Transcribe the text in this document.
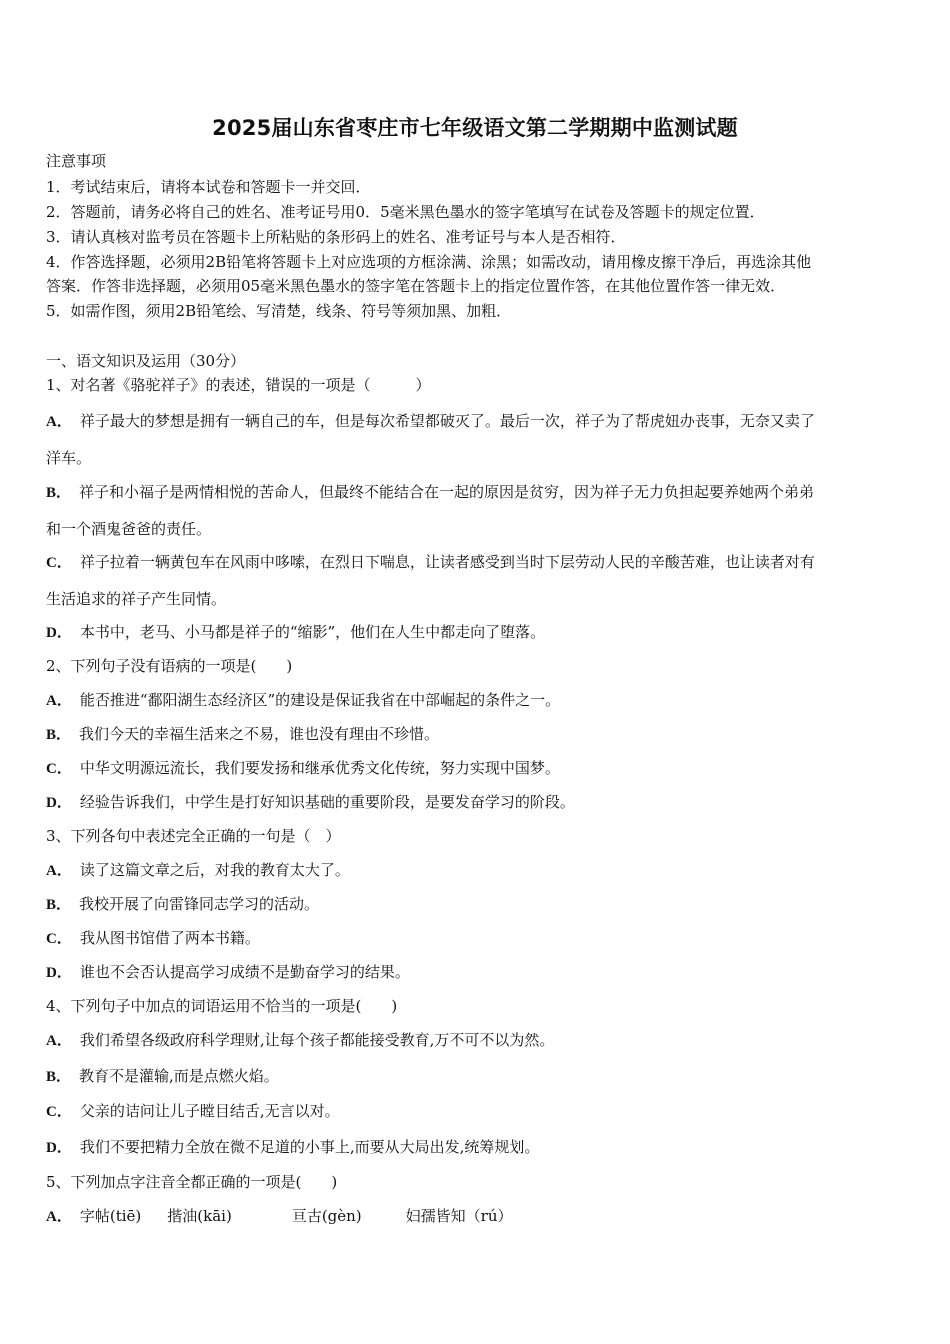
2025届山东省枣庄市七年级语文第二学期期中监测试题
注意事项
1．考试结束后，请将本试卷和答题卡一并交回．
2．答题前，请务必将自己的姓名、准考证号用0．5毫米黑色墨水的签字笔填写在试卷及答题卡的规定位置．
3．请认真核对监考员在答题卡上所粘贴的条形码上的姓名、准考证号与本人是否相符．
4．作答选择题，必须用2B铅笔将答题卡上对应选项的方框涂满、涂黑；如需改动，请用橡皮擦干净后，再选涂其他
答案．作答非选择题，必须用05毫米黑色墨水的签字笔在答题卡上的指定位置作答，在其他位置作答一律无效．
5．如需作图，须用2B铅笔绘、写清楚，线条、符号等须加黑、加粗．
一、语文知识及运用（30分）
1、对名著《骆驼祥子》的表述，错误的一项是（　　　）
A． 祥子最大的梦想是拥有一辆自己的车，但是每次希望都破灭了。最后一次，祥子为了帮虎妞办丧事，无奈又卖了
洋车。
B． 祥子和小福子是两情相悦的苦命人，但最终不能结合在一起的原因是贫穷，因为祥子无力负担起要养她两个弟弟
和一个酒鬼爸爸的责任。
C． 祥子拉着一辆黄包车在风雨中哆嗦，在烈日下喘息，让读者感受到当时下层劳动人民的辛酸苦难，也让读者对有
生活追求的祥子产生同情。
D． 本书中，老马、小马都是祥子的“缩影”，他们在人生中都走向了堕落。
2、下列句子没有语病的一项是(　　)
A． 能否推进“鄱阳湖生态经济区”的建设是保证我省在中部崛起的条件之一。
B． 我们今天的幸福生活来之不易，谁也没有理由不珍惜。
C． 中华文明源远流长，我们要发扬和继承优秀文化传统，努力实现中国梦。
D． 经验告诉我们，中学生是打好知识基础的重要阶段，是要发奋学习的阶段。
3、下列各句中表述完全正确的一句是（　）
A． 读了这篇文章之后，对我的教育太大了。
B． 我校开展了向雷锋同志学习的活动。
C． 我从图书馆借了两本书籍。
D． 谁也不会否认提高学习成绩不是勤奋学习的结果。
4、下列句子中加点的词语运用不恰当的一项是(　　)
A． 我们希望各级政府科学理财,让每个孩子都能接受教育,万不可不以为然。
B． 教育不是灌输,而是点燃火焰。
C． 父亲的诘问让儿子瞠目结舌,无言以对。
D． 我们不要把精力全放在微不足道的小事上,而要从大局出发,统筹规划。
5、下列加点字注音全都正确的一项是(　　)
A． 字帖(tiē) 揩油(kāi)	亘古(gèn)	妇孺皆知（rú）
